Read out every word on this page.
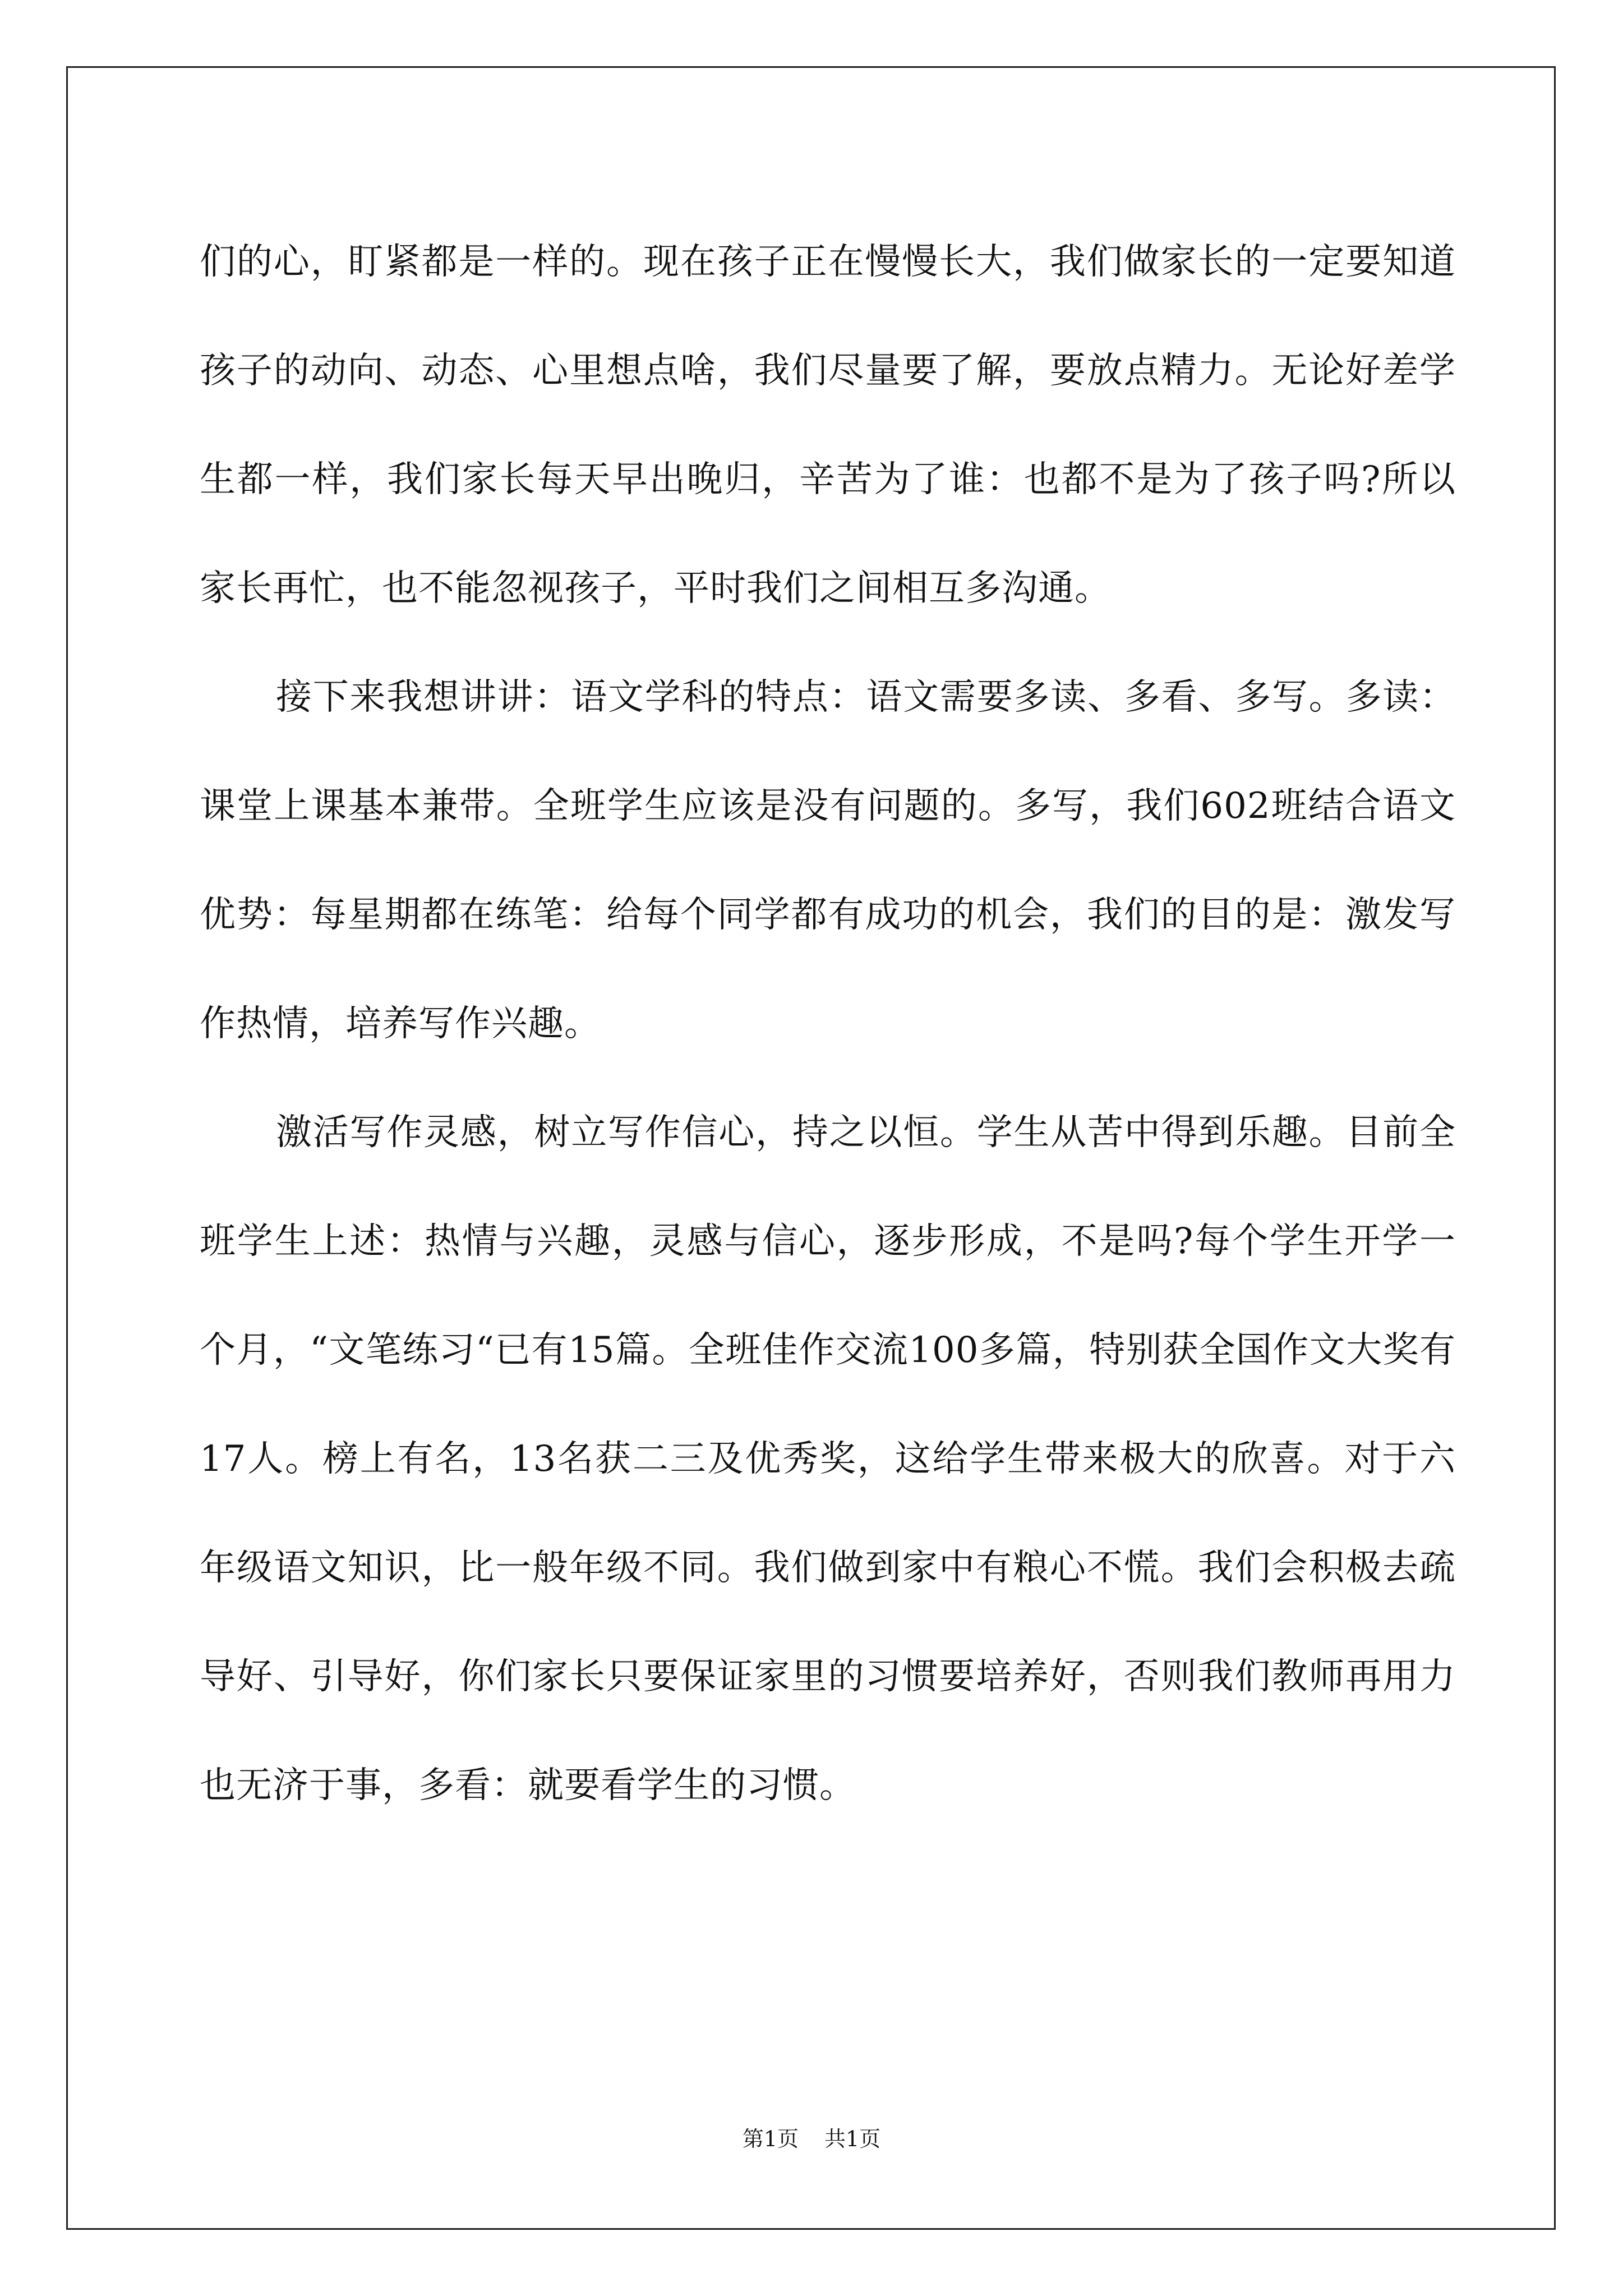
们的心，盯紧都是一样的。现在孩子正在慢慢长大，我们做家长的一定要知道孩子的动向、动态、心里想点啥，我们尽量要了解，要放点精力。无论好差学生都一样，我们家长每天早出晚归，辛苦为了谁：也都不是为了孩子吗?所以家长再忙，也不能忽视孩子，平时我们之间相互多沟通。

接下来我想讲讲：语文学科的特点：语文需要多读、多看、多写。多读：课堂上课基本兼带。全班学生应该是没有问题的。多写，我们602班结合语文优势：每星期都在练笔：给每个同学都有成功的机会，我们的目的是：激发写作热情，培养写作兴趣。

激活写作灵感，树立写作信心，持之以恒。学生从苦中得到乐趣。目前全班学生上述：热情与兴趣，灵感与信心，逐步形成，不是吗?每个学生开学一个月，“文笔练习“已有15篇。全班佳作交流100多篇，特别获全国作文大奖有17人。榜上有名，13名获二三及优秀奖，这给学生带来极大的欣喜。对于六年级语文知识，比一般年级不同。我们做到家中有粮心不慌。我们会积极去疏导好、引导好，你们家长只要保证家里的习惯要培养好，否则我们教师再用力也无济于事，多看：就要看学生的习惯。

第1页 共1页
